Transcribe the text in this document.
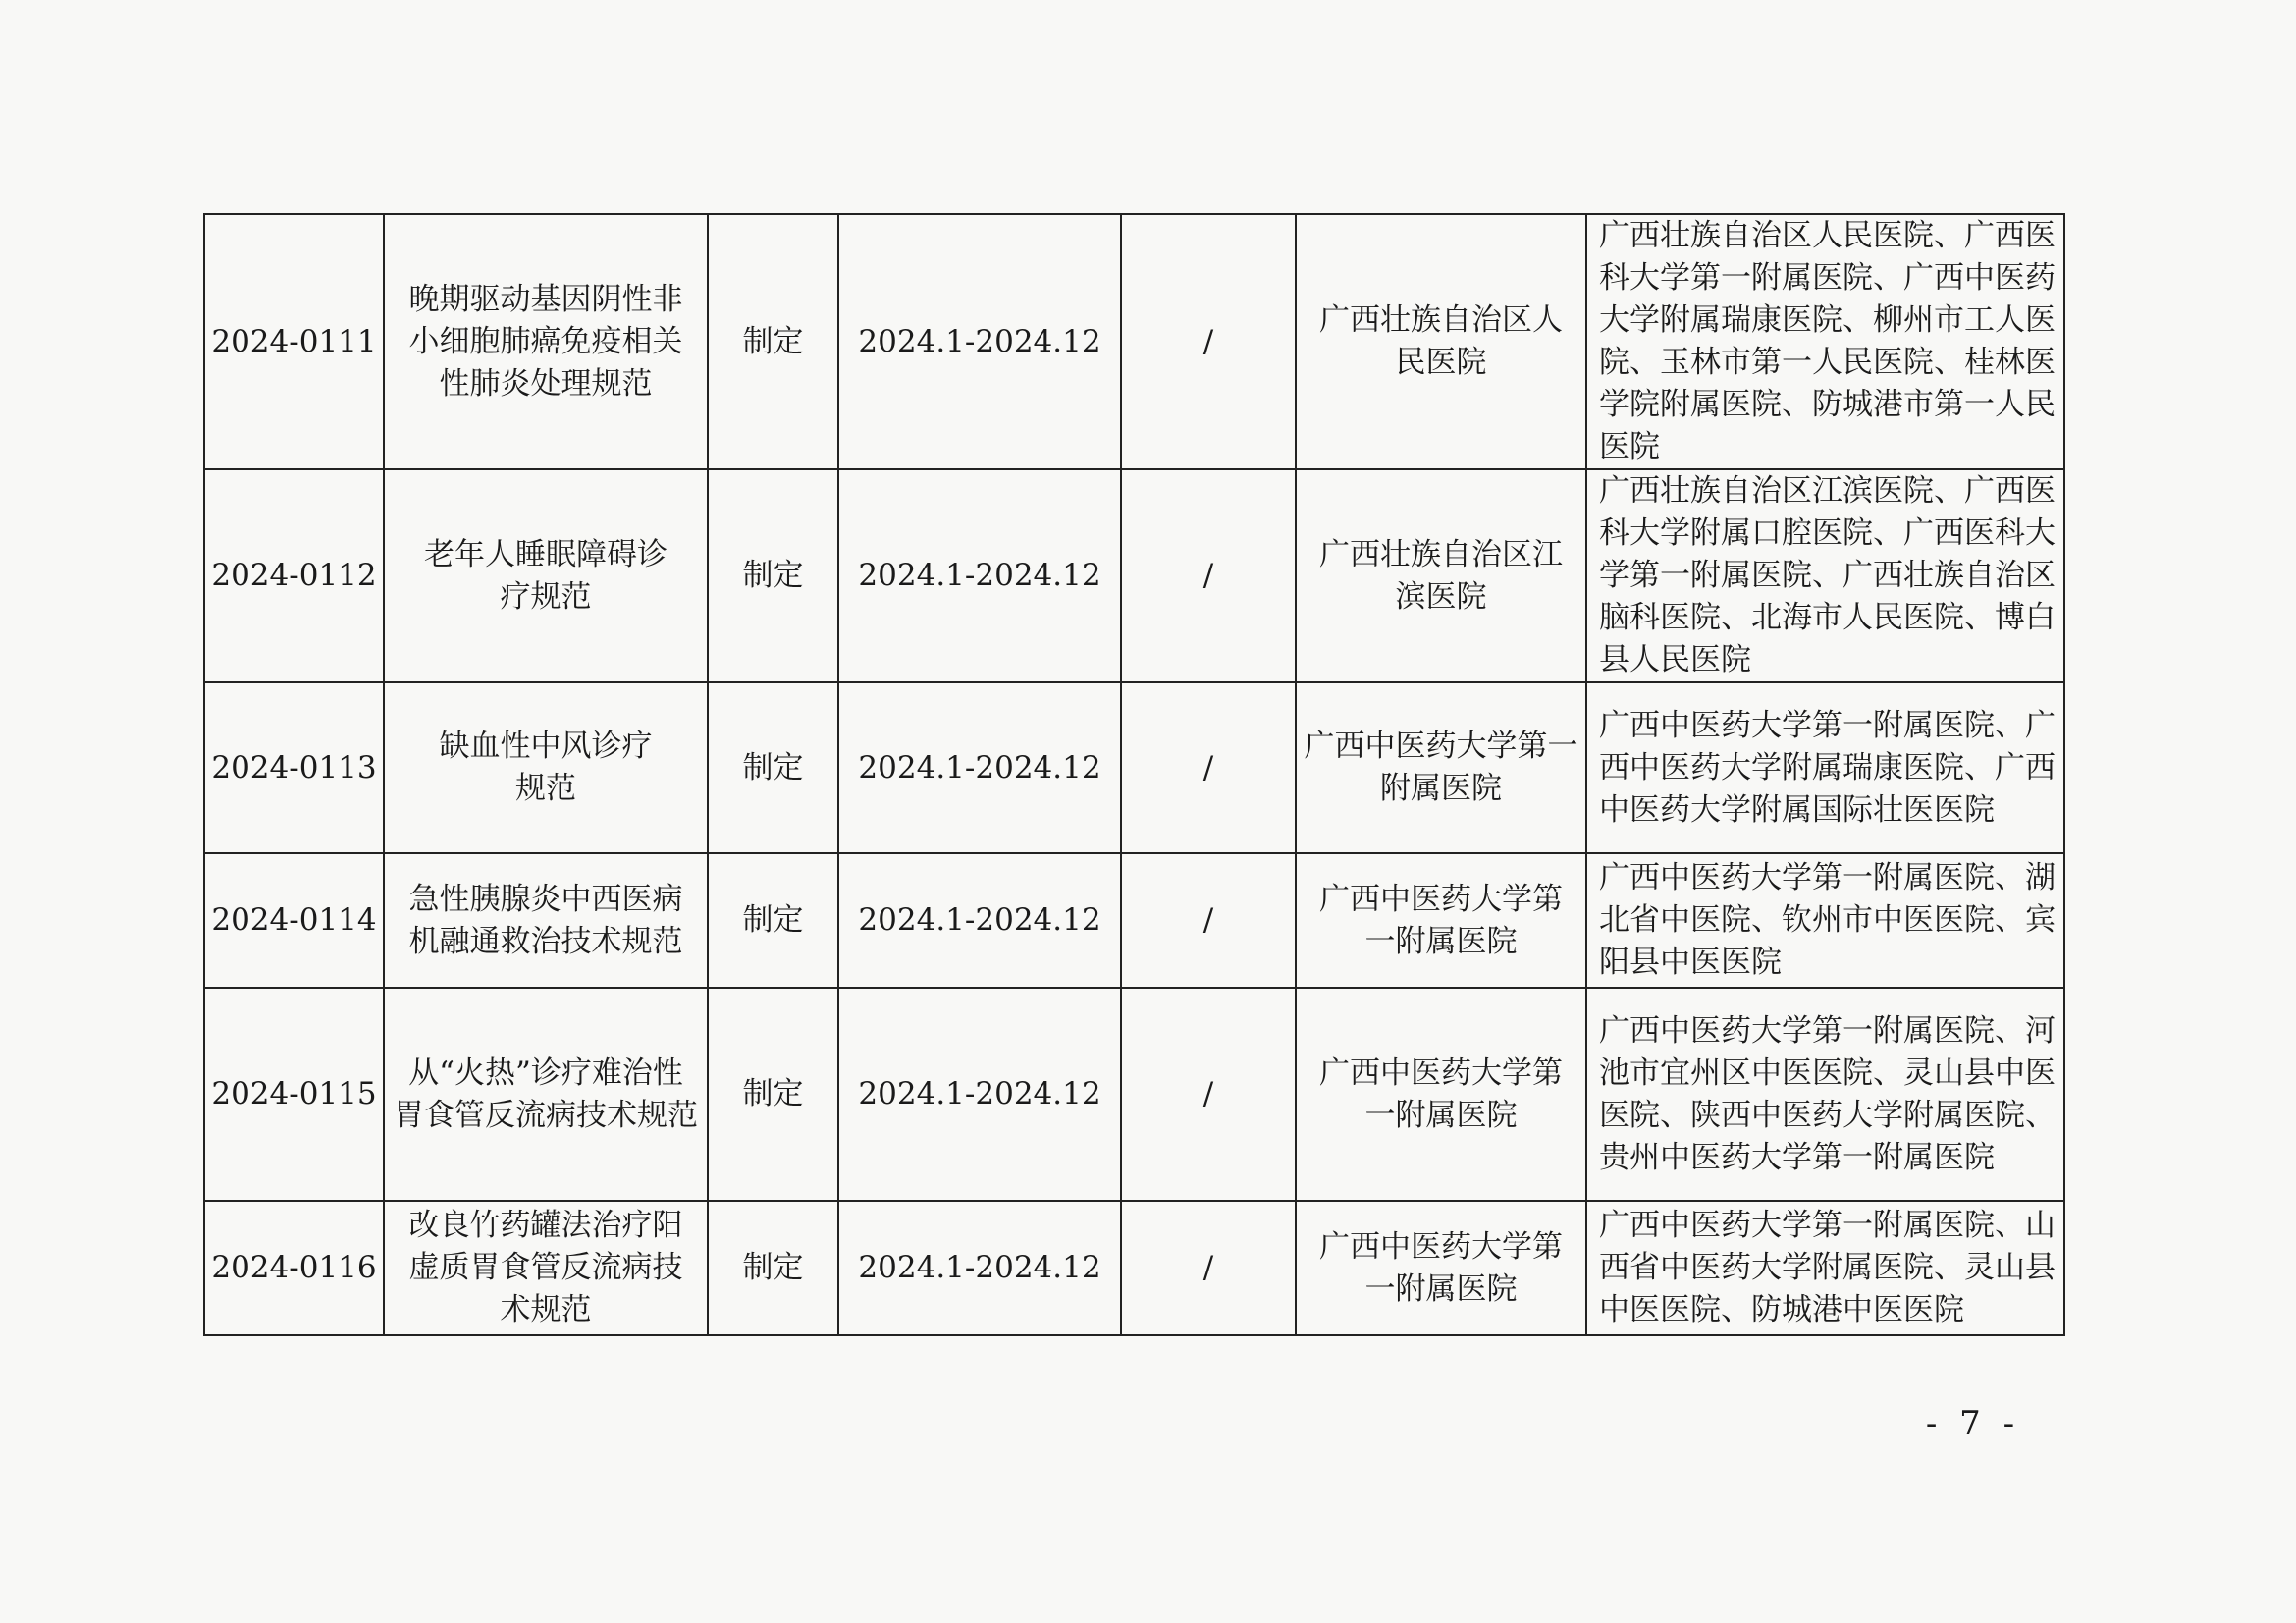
2024-0111	晚期驱动基因阴性非小细胞肺癌免疫相关性肺炎处理规范	制定	2024.1-2024.12	/	广西壮族自治区人民医院	广西壮族自治区人民医院、广西医科大学第一附属医院、广西中医药大学附属瑞康医院、柳州市工人医院、玉林市第一人民医院、桂林医学院附属医院、防城港市第一人民医院
2024-0112	老年人睡眠障碍诊疗规范	制定	2024.1-2024.12	/	广西壮族自治区江滨医院	广西壮族自治区江滨医院、广西医科大学附属口腔医院、广西医科大学第一附属医院、广西壮族自治区脑科医院、北海市人民医院、博白县人民医院
2024-0113	缺血性中风诊疗规范	制定	2024.1-2024.12	/	广西中医药大学第一附属医院	广西中医药大学第一附属医院、广西中医药大学附属瑞康医院、广西中医药大学附属国际壮医医院
2024-0114	急性胰腺炎中西医病机融通救治技术规范	制定	2024.1-2024.12	/	广西中医药大学第一附属医院	广西中医药大学第一附属医院、湖北省中医院、钦州市中医医院、宾阳县中医医院
2024-0115	从“火热”诊疗难治性胃食管反流病技术规范	制定	2024.1-2024.12	/	广西中医药大学第一附属医院	广西中医药大学第一附属医院、河池市宜州区中医医院、灵山县中医医院、陕西中医药大学附属医院、贵州中医药大学第一附属医院
2024-0116	改良竹药罐法治疗阳虚质胃食管反流病技术规范	制定	2024.1-2024.12	/	广西中医药大学第一附属医院	广西中医药大学第一附属医院、山西省中医药大学附属医院、灵山县中医医院、防城港中医医院
- 7 -
